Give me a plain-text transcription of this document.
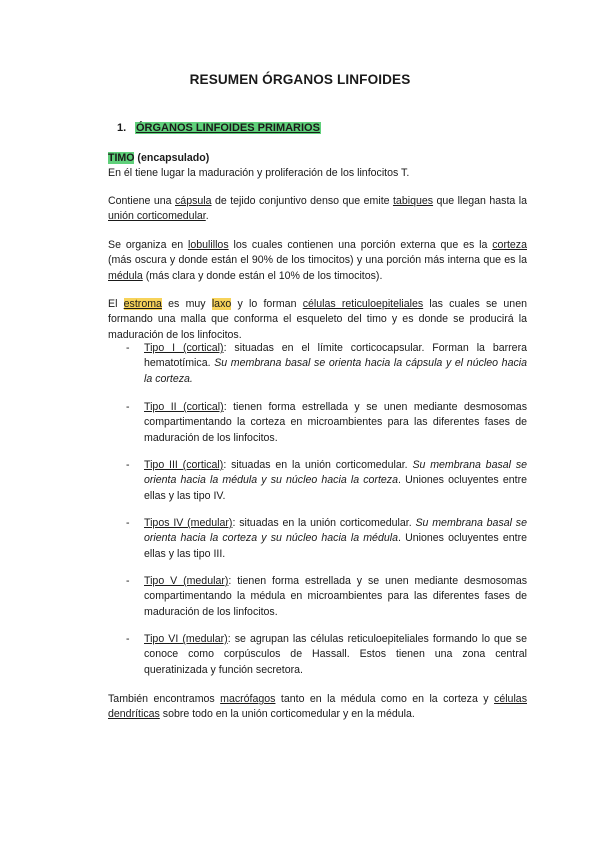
RESUMEN ÓRGANOS LINFOIDES
1. ÓRGANOS LINFOIDES PRIMARIOS
TIMO (encapsulado)
En él tiene lugar la maduración y proliferación de los linfocitos T.
Contiene una cápsula de tejido conjuntivo denso que emite tabiques que llegan hasta la unión corticomedular.
Se organiza en lobulillos los cuales contienen una porción externa que es la corteza (más oscura y donde están el 90% de los timocitos) y una porción más interna que es la médula (más clara y donde están el 10% de los timocitos).
El estroma es muy laxo y lo forman células reticuloepiteliales las cuales se unen formando una malla que conforma el esqueleto del timo y es donde se producirá la maduración de los linfocitos.
- Tipo I (cortical): situadas en el límite corticocapsular. Forman la barrera hematotímica. Su membrana basal se orienta hacia la cápsula y el núcleo hacia la corteza.
- Tipo II (cortical): tienen forma estrellada y se unen mediante desmosomas compartimentando la corteza en microambientes para las diferentes fases de maduración de los linfocitos.
- Tipo III (cortical): situadas en la unión corticomedular. Su membrana basal se orienta hacia la médula y su núcleo hacia la corteza. Uniones ocluyentes entre ellas y las tipo IV.
- Tipos IV (medular): situadas en la unión corticomedular. Su membrana basal se orienta hacia la corteza y su núcleo hacia la médula. Uniones ocluyentes entre ellas y las tipo III.
- Tipo V (medular): tienen forma estrellada y se unen mediante desmosomas compartimentando la médula en microambientes para las diferentes fases de maduración de los linfocitos.
- Tipo VI (medular): se agrupan las células reticuloepiteliales formando lo que se conoce como corpúsculos de Hassall. Estos tienen una zona central queratinizada y función secretora.
También encontramos macrófagos tanto en la médula como en la corteza y células dendríticas sobre todo en la unión corticomedular y en la médula.
